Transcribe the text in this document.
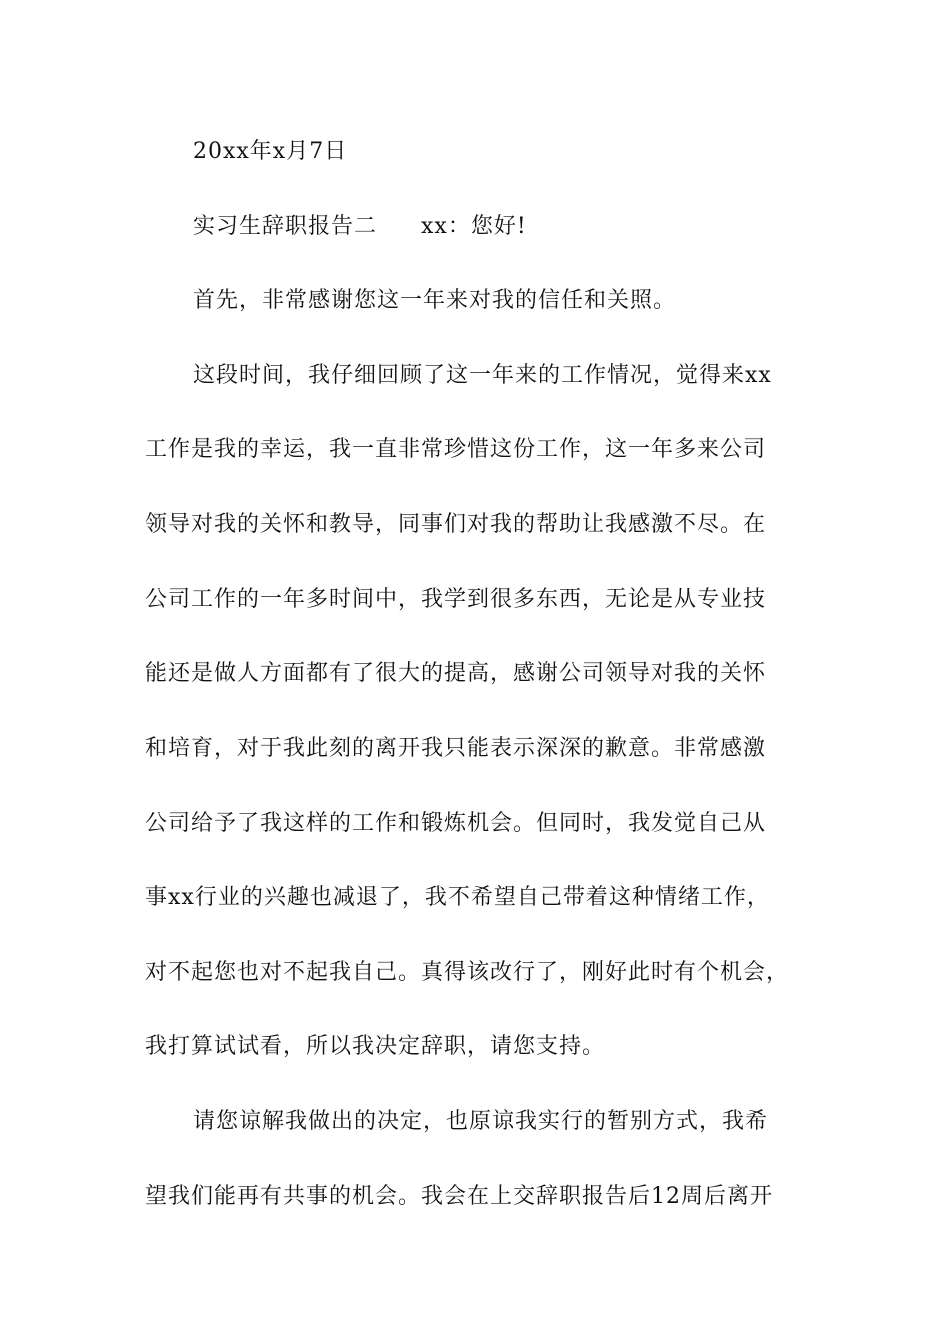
20xx年x月7日
实习生辞职报告二 xx：您好!
首先，非常感谢您这一年来对我的信任和关照。
这段时间，我仔细回顾了这一年来的工作情况，觉得来xx
工作是我的幸运，我一直非常珍惜这份工作，这一年多来公司
领导对我的关怀和教导，同事们对我的帮助让我感激不尽。在
公司工作的一年多时间中，我学到很多东西，无论是从专业技
能还是做人方面都有了很大的提高，感谢公司领导对我的关怀
和培育，对于我此刻的离开我只能表示深深的歉意。非常感激
公司给予了我这样的工作和锻炼机会。但同时，我发觉自己从
事xx行业的兴趣也减退了，我不希望自己带着这种情绪工作，
对不起您也对不起我自己。真得该改行了，刚好此时有个机会，
我打算试试看，所以我决定辞职，请您支持。
请您谅解我做出的决定，也原谅我实行的暂别方式，我希
望我们能再有共事的机会。我会在上交辞职报告后12周后离开
